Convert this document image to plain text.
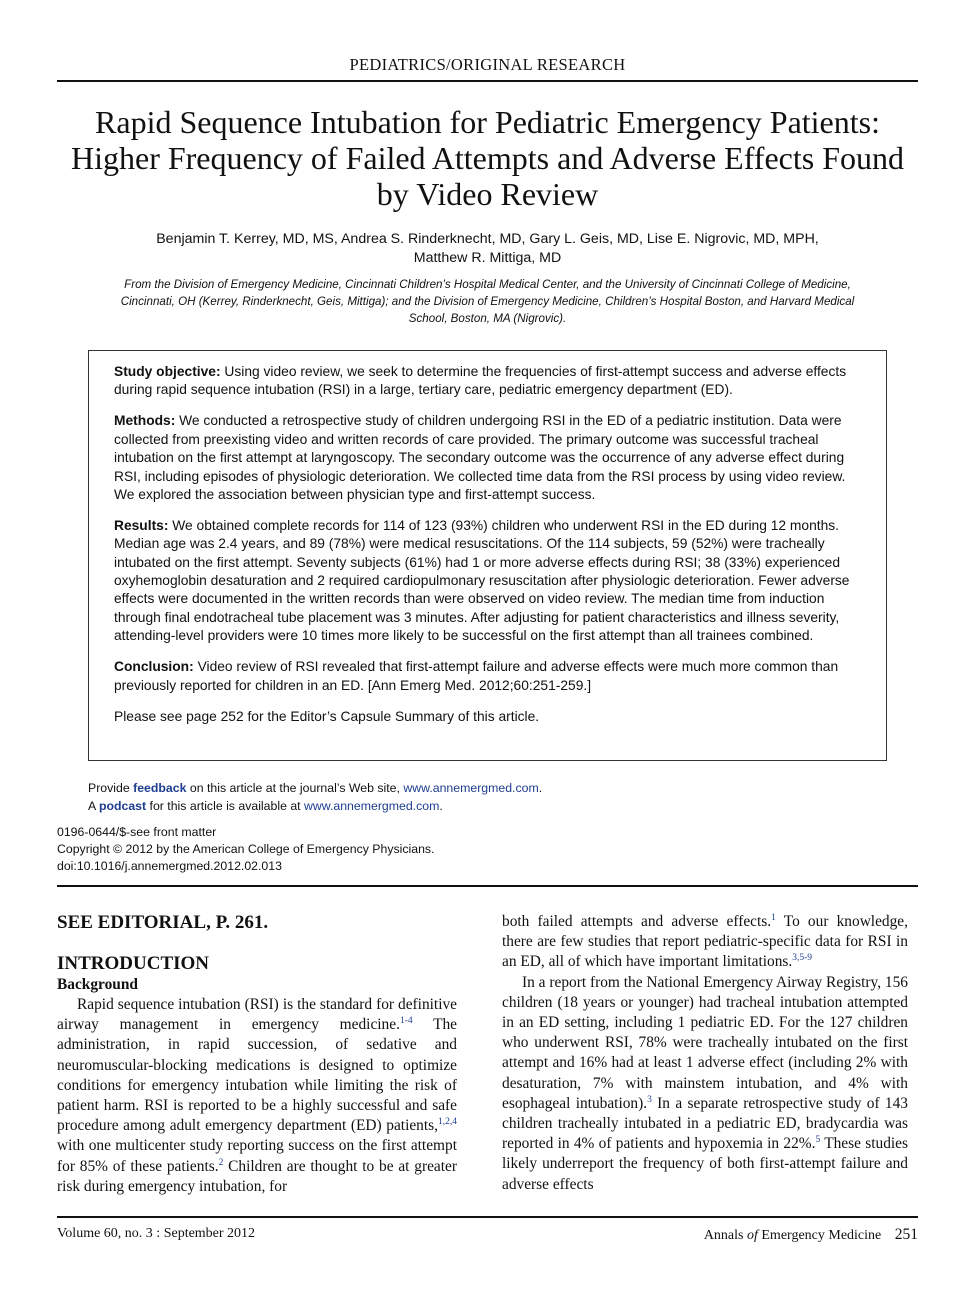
PEDIATRICS/ORIGINAL RESEARCH
Rapid Sequence Intubation for Pediatric Emergency Patients:
Higher Frequency of Failed Attempts and Adverse Effects Found
by Video Review
Benjamin T. Kerrey, MD, MS, Andrea S. Rinderknecht, MD, Gary L. Geis, MD, Lise E. Nigrovic, MD, MPH,
Matthew R. Mittiga, MD
From the Division of Emergency Medicine, Cincinnati Children’s Hospital Medical Center, and the University of Cincinnati College of Medicine,
Cincinnati, OH (Kerrey, Rinderknecht, Geis, Mittiga); and the Division of Emergency Medicine, Children’s Hospital Boston, and Harvard Medical
School, Boston, MA (Nigrovic).

Study objective: Using video review, we seek to determine the frequencies of first-attempt success and adverse effects during rapid sequence intubation (RSI) in a large, tertiary care, pediatric emergency department (ED).

Methods: We conducted a retrospective study of children undergoing RSI in the ED of a pediatric institution. Data were collected from preexisting video and written records of care provided. The primary outcome was successful tracheal intubation on the first attempt at laryngoscopy. The secondary outcome was the occurrence of any adverse effect during RSI, including episodes of physiologic deterioration. We collected time data from the RSI process by using video review. We explored the association between physician type and first-attempt success.

Results: We obtained complete records for 114 of 123 (93%) children who underwent RSI in the ED during 12 months. Median age was 2.4 years, and 89 (78%) were medical resuscitations. Of the 114 subjects, 59 (52%) were tracheally intubated on the first attempt. Seventy subjects (61%) had 1 or more adverse effects during RSI; 38 (33%) experienced oxyhemoglobin desaturation and 2 required cardiopulmonary resuscitation after physiologic deterioration. Fewer adverse effects were documented in the written records than were observed on video review. The median time from induction through final endotracheal tube placement was 3 minutes. After adjusting for patient characteristics and illness severity, attending-level providers were 10 times more likely to be successful on the first attempt than all trainees combined.

Conclusion: Video review of RSI revealed that first-attempt failure and adverse effects were much more common than previously reported for children in an ED. [Ann Emerg Med. 2012;60:251-259.]

Please see page 252 for the Editor’s Capsule Summary of this article.

Provide feedback on this article at the journal’s Web site, www.annemergmed.com.
A podcast for this article is available at www.annemergmed.com.
0196-0644/$-see front matter
Copyright © 2012 by the American College of Emergency Physicians.
doi:10.1016/j.annemergmed.2012.02.013
SEE EDITORIAL, P. 261.
INTRODUCTION
Background

Rapid sequence intubation (RSI) is the standard for definitive airway management in emergency medicine.$^{1-4}$ The administration, in rapid succession, of sedative and neuromuscular-blocking medications is designed to optimize conditions for emergency intubation while limiting the risk of patient harm. RSI is reported to be a highly successful and safe procedure among adult emergency department (ED) patients,$^{1,2,4}$ with one multicenter study reporting success on the first attempt for 85% of these patients.$^2$ Children are thought to be at greater risk during emergency intubation, for

both failed attempts and adverse effects.$^1$ To our knowledge, there are few studies that report pediatric-specific data for RSI in an ED, all of which have important limitations.$^{3,5-9}$

In a report from the National Emergency Airway Registry, 156 children (18 years or younger) had tracheal intubation attempted in an ED setting, including 1 pediatric ED. For the 127 children who underwent RSI, 78% were tracheally intubated on the first attempt and 16% had at least 1 adverse effect (including 2% with desaturation, 7% with mainstem intubation, and 4% with esophageal intubation).$^3$ In a separate retrospective study of 143 children tracheally intubated in a pediatric ED, bradycardia was reported in 4% of patients and hypoxemia in 22%.$^5$ These studies likely underreport the frequency of both first-attempt failure and adverse effects

Volume 60, no. 3 : September 2012	Annals of Emergency Medicine 251
